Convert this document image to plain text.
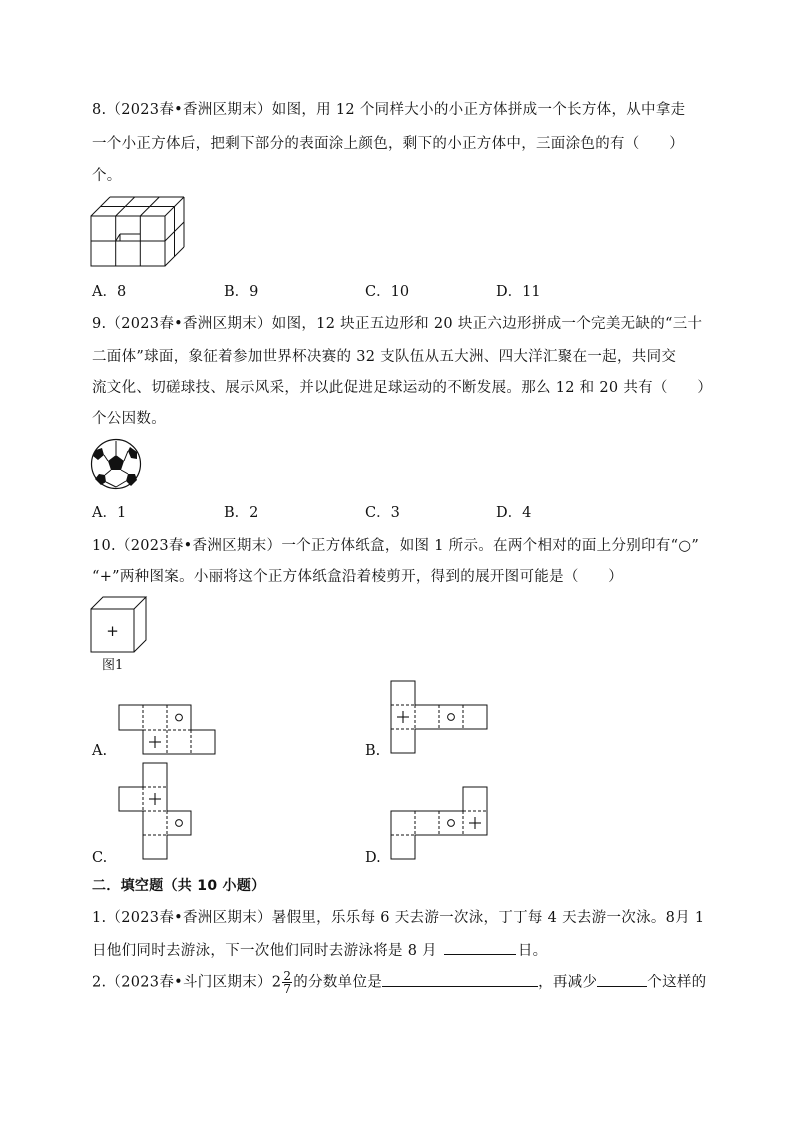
8.（2023春•香洲区期末）如图，用 12 个同样大小的小正方体拼成一个长方体，从中拿走
一个小正方体后，把剩下部分的表面涂上颜色，剩下的小正方体中，三面涂色的有（　　）
个。
A．8	B．9	C．10	D．11
9.（2023春•香洲区期末）如图，12 块正五边形和 20 块正六边形拼成一个完美无缺的“三十
二面体”球面，象征着参加世界杯决赛的 32 支队伍从五大洲、四大洋汇聚在一起，共同交
流文化、切磋球技、展示风采，并以此促进足球运动的不断发展。那么 12 和 20 共有（　　）
个公因数。
A．1	B．2	C．3	D．4
10.（2023春•香洲区期末）一个正方体纸盒，如图 1 所示。在两个相对的面上分别印有“○”
“+”两种图案。小丽将这个正方体纸盒沿着棱剪开，得到的展开图可能是（　　）
+
图1
A.	B.
C.	D.
二．填空题（共 10 小题）
1.（2023春•香洲区期末）暑假里，乐乐每 6 天去游一次泳，丁丁每 4 天去游一次泳。8月 1
日他们同时去游泳，下一次他们同时去游泳将是 8 月	日。
2.（2023春•斗门区期末）$2 \frac{2}{7}$ 的分数单位是	，再减少	个这样的
